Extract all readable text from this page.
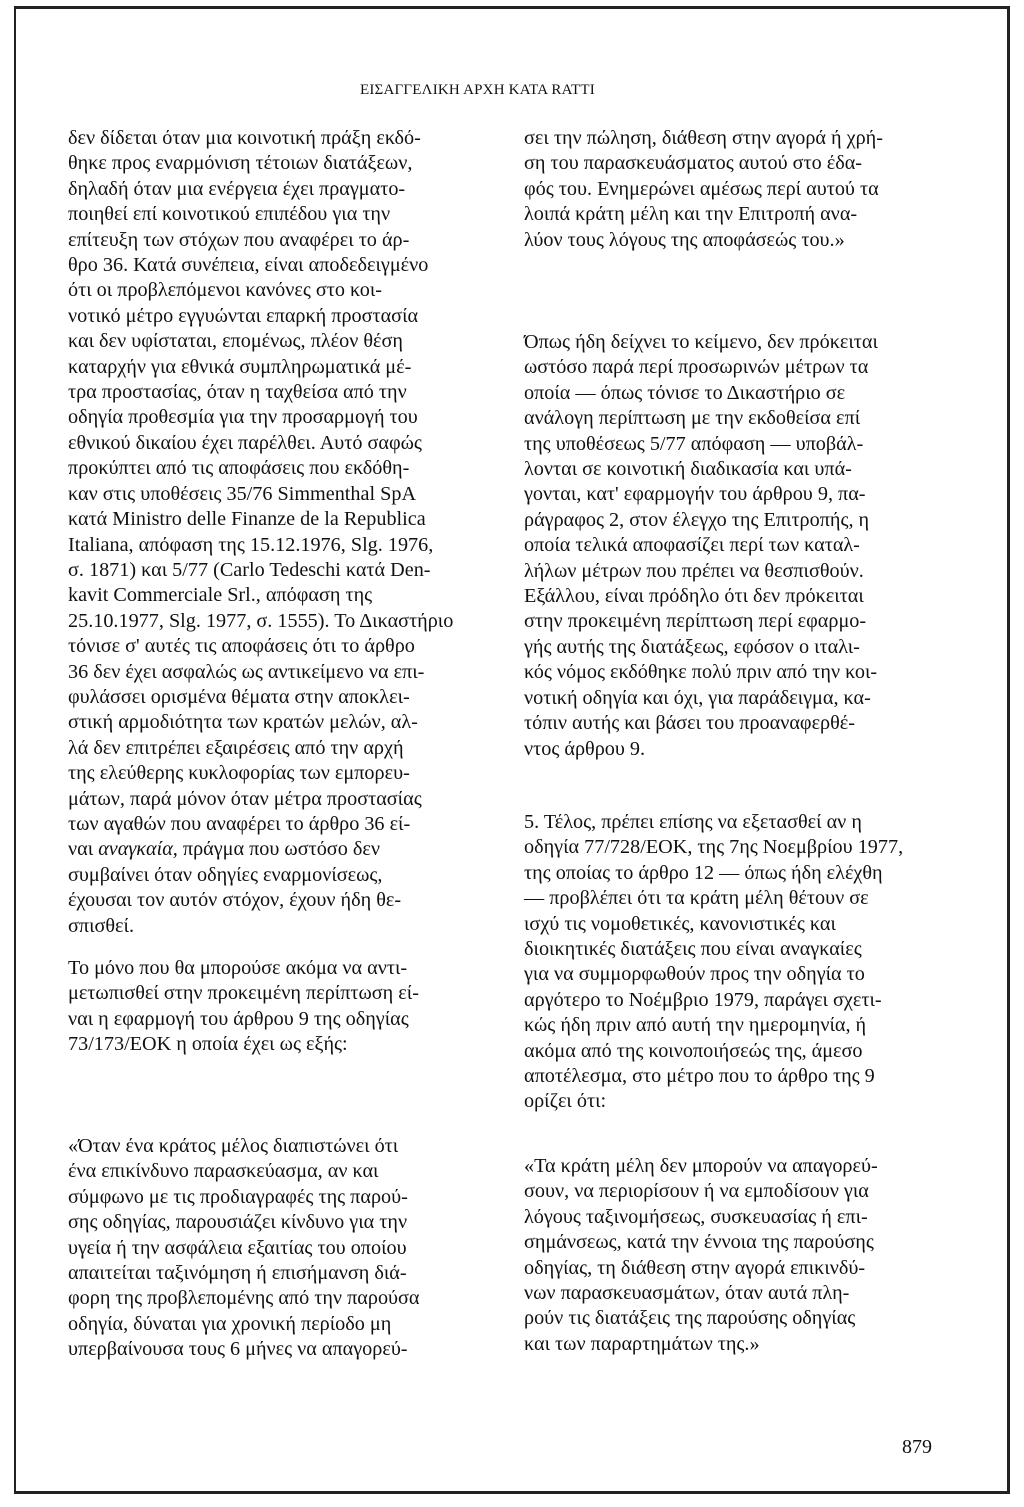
ΕΙΣΑΓΓΕΛΙΚΗ ΑΡΧΗ ΚΑΤΑ RATTI

δεν δίδεται όταν μια κοινοτική πράξη εκδό-
θηκε προς εναρμόνιση τέτοιων διατάξεων,
δηλαδή όταν μια ενέργεια έχει πραγματο-
ποιηθεί επί κοινοτικού επιπέδου για την
επίτευξη των στόχων που αναφέρει το άρ-
θρο 36. Κατά συνέπεια, είναι αποδεδειγμένο
ότι οι προβλεπόμενοι κανόνες στο κοι-
νοτικό μέτρο εγγυώνται επαρκή προστασία
και δεν υφίσταται, επομένως, πλέον θέση
καταρχήν για εθνικά συμπληρωματικά μέ-
τρα προστασίας, όταν η ταχθείσα από την
οδηγία προθεσμία για την προσαρμογή του
εθνικού δικαίου έχει παρέλθει. Αυτό σαφώς
προκύπτει από τις αποφάσεις που εκδόθη-
καν στις υποθέσεις 35/76 Simmenthal SpA
κατά Ministro delle Finanze de la Republica
Italiana, απόφαση της 15.12.1976, Slg. 1976,
σ. 1871) και 5/77 (Carlo Tedeschi κατά Den-
kavit Commerciale Srl., απόφαση της
25.10.1977, Slg. 1977, σ. 1555). Το Δικαστήριο
τόνισε σ' αυτές τις αποφάσεις ότι το άρθρο
36 δεν έχει ασφαλώς ως αντικείμενο να επι-
φυλάσσει ορισμένα θέματα στην αποκλει-
στική αρμοδιότητα των κρατών μελών, αλ-
λά δεν επιτρέπει εξαιρέσεις από την αρχή
της ελεύθερης κυκλοφορίας των εμπορευ-
μάτων, παρά μόνον όταν μέτρα προστασίας
των αγαθών που αναφέρει το άρθρο 36 εί-
ναι αναγκαία, πράγμα που ωστόσο δεν
συμβαίνει όταν οδηγίες εναρμονίσεως,
έχουσαι τον αυτόν στόχον, έχουν ήδη θε-
σπισθεί.

Το μόνο που θα μπορούσε ακόμα να αντι-
μετωπισθεί στην προκειμένη περίπτωση εί-
ναι η εφαρμογή του άρθρου 9 της οδηγίας
73/173/ΕΟΚ η οποία έχει ως εξής:

«Όταν ένα κράτος μέλος διαπιστώνει ότι
ένα επικίνδυνο παρασκεύασμα, αν και
σύμφωνο με τις προδιαγραφές της παρού-
σης οδηγίας, παρουσιάζει κίνδυνο για την
υγεία ή την ασφάλεια εξαιτίας του οποίου
απαιτείται ταξινόμηση ή επισήμανση διά-
φορη της προβλεπομένης από την παρούσα
οδηγία, δύναται για χρονική περίοδο μη
υπερβαίνουσα τους 6 μήνες να απαγορεύ-

σει την πώληση, διάθεση στην αγορά ή χρή-
ση του παρασκευάσματος αυτού στο έδα-
φός του. Ενημερώνει αμέσως περί αυτού τα
λοιπά κράτη μέλη και την Επιτροπή ανα-
λύον τους λόγους της αποφάσεώς του.»

Όπως ήδη δείχνει το κείμενο, δεν πρόκειται
ωστόσο παρά περί προσωρινών μέτρων τα
οποία — όπως τόνισε το Δικαστήριο σε
ανάλογη περίπτωση με την εκδοθείσα επί
της υποθέσεως 5/77 απόφαση — υποβάλ-
λονται σε κοινοτική διαδικασία και υπά-
γονται, κατ' εφαρμογήν του άρθρου 9, πα-
ράγραφος 2, στον έλεγχο της Επιτροπής, η
οποία τελικά αποφασίζει περί των καταλ-
λήλων μέτρων που πρέπει να θεσπισθούν.
Εξάλλου, είναι πρόδηλο ότι δεν πρόκειται
στην προκειμένη περίπτωση περί εφαρμο-
γής αυτής της διατάξεως, εφόσον ο ιταλι-
κός νόμος εκδόθηκε πολύ πριν από την κοι-
νοτική οδηγία και όχι, για παράδειγμα, κα-
τόπιν αυτής και βάσει του προαναφερθέ-
ντος άρθρου 9.

5. Τέλος, πρέπει επίσης να εξετασθεί αν η
οδηγία 77/728/ΕΟΚ, της 7ης Νοεμβρίου 1977,
της οποίας το άρθρο 12 — όπως ήδη ελέχθη
— προβλέπει ότι τα κράτη μέλη θέτουν σε
ισχύ τις νομοθετικές, κανονιστικές και
διοικητικές διατάξεις που είναι αναγκαίες
για να συμμορφωθούν προς την οδηγία το
αργότερο το Νοέμβριο 1979, παράγει σχετι-
κώς ήδη πριν από αυτή την ημερομηνία, ή
ακόμα από της κοινοποιήσεώς της, άμεσο
αποτέλεσμα, στο μέτρο που το άρθρο της 9
ορίζει ότι:

«Τα κράτη μέλη δεν μπορούν να απαγορεύ-
σουν, να περιορίσουν ή να εμποδίσουν για
λόγους ταξινομήσεως, συσκευασίας ή επι-
σημάνσεως, κατά την έννοια της παρούσης
οδηγίας, τη διάθεση στην αγορά επικινδύ-
νων παρασκευασμάτων, όταν αυτά πλη-
ρούν τις διατάξεις της παρούσης οδηγίας
και των παραρτημάτων της.»

879
